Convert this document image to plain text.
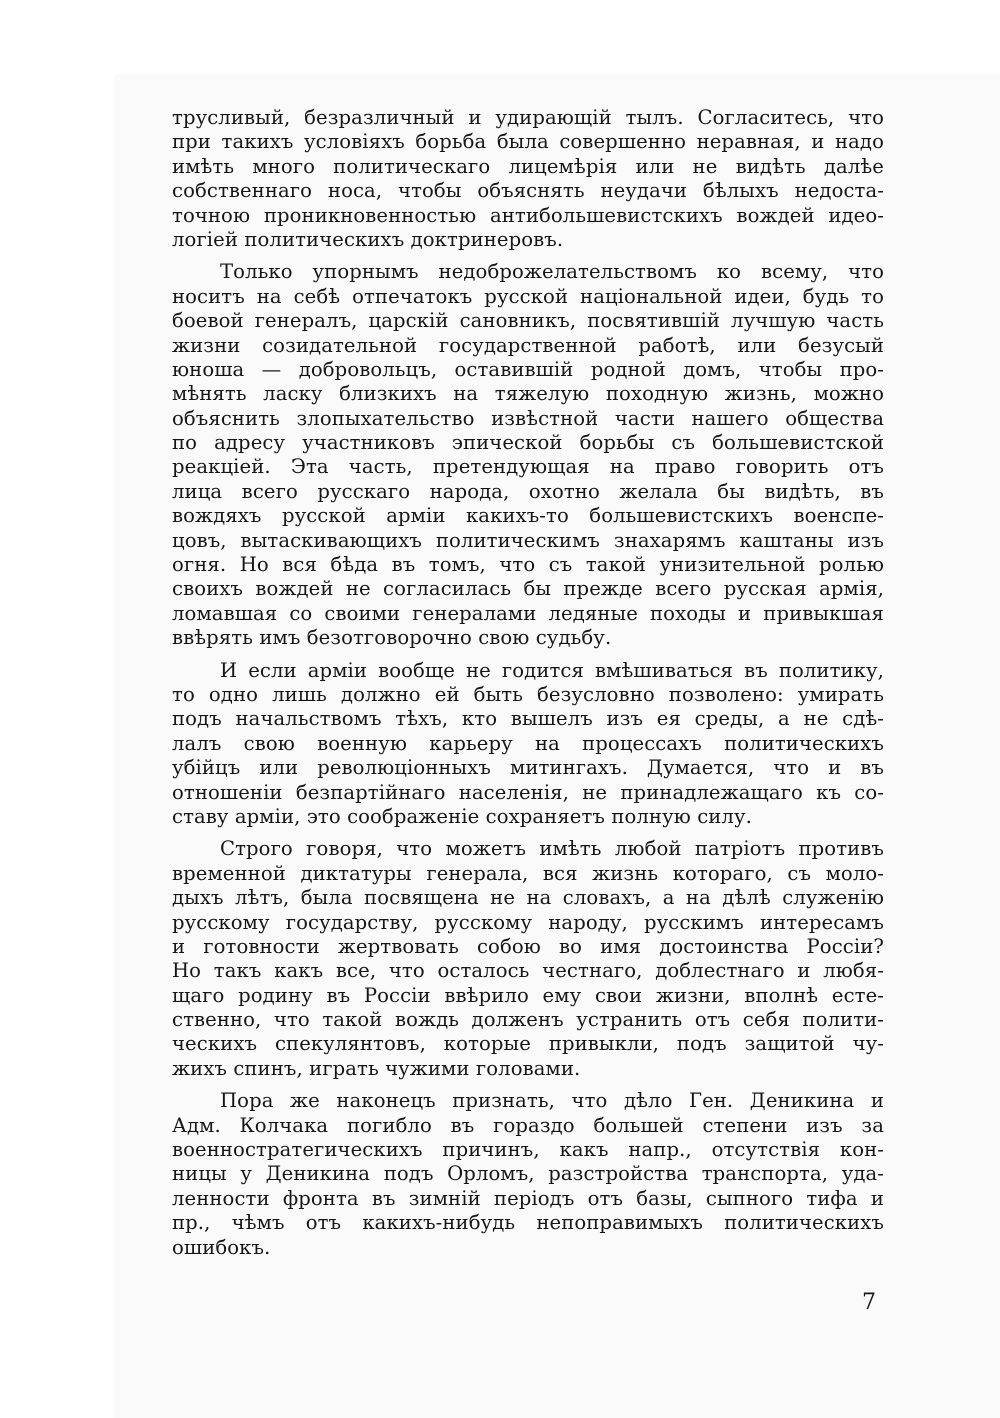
трусливый, безразличный и удирающій тылъ. Согласитесь, что
при такихъ условіяхъ борьба была совершенно неравная, и надо
имѣть много политическаго лицемѣрія или не видѣть далѣе
собственнаго носа, чтобы объяснять неудачи бѣлыхъ недоста-
точною проникновенностью антибольшевистскихъ вождей идео-
логіей политическихъ доктринеровъ.
Только упорнымъ недоброжелательствомъ ко всему, что
носитъ на себѣ отпечатокъ русской національной идеи, будь то
боевой генералъ, царскій сановникъ, посвятившій лучшую часть
жизни созидательной государственной работѣ, или безусый
юноша — добровольцъ, оставившій родной домъ, чтобы про-
мѣнять ласку близкихъ на тяжелую походную жизнь, можно
объяснить злопыхательство извѣстной части нашего общества
по адресу участниковъ эпической борьбы съ большевистской
реакціей. Эта часть, претендующая на право говорить отъ
лица всего русскаго народа, охотно желала бы видѣть, въ
вождяхъ русской арміи какихъ-то большевистскихъ военспе-
цовъ, вытаскивающихъ политическимъ знахарямъ каштаны изъ
огня. Но вся бѣда въ томъ, что съ такой унизительной ролью
своихъ вождей не согласилась бы прежде всего русская армія,
ломавшая со своими генералами ледяные походы и привыкшая
ввѣрять имъ безотговорочно свою судьбу.
И если арміи вообще не годится вмѣшиваться въ политику,
то одно лишь должно ей быть безусловно позволено: умирать
подъ начальствомъ тѣхъ, кто вышелъ изъ ея среды, а не сдѣ-
лалъ свою военную карьеру на процессахъ политическихъ
убійцъ или революціонныхъ митингахъ. Думается, что и въ
отношеніи безпартійнаго населенія, не принадлежащаго къ со-
ставу арміи, это соображеніе сохраняетъ полную силу.
Строго говоря, что можетъ имѣть любой патріотъ противъ
временной диктатуры генерала, вся жизнь котораго, съ моло-
дыхъ лѣтъ, была посвящена не на словахъ, а на дѣлѣ служенію
русскому государству, русскому народу, русскимъ интересамъ
и готовности жертвовать собою во имя достоинства Россіи?
Но такъ какъ все, что осталось честнаго, доблестнаго и любя-
щаго родину въ Россіи ввѣрило ему свои жизни, вполнѣ есте-
ственно, что такой вождь долженъ устранить отъ себя полити-
ческихъ спекулянтовъ, которые привыкли, подъ защитой чу-
жихъ спинъ, играть чужими головами.
Пора же наконецъ признать, что дѣло Ген. Деникина и
Адм. Колчака погибло въ гораздо большей степени изъ за
военностратегическихъ причинъ, какъ напр., отсутствія кон-
ницы у Деникина подъ Орломъ, разстройства транспорта, уда-
ленности фронта въ зимній періодъ отъ базы, сыпного тифа и
пр., чѣмъ отъ какихъ-нибудь непоправимыхъ политическихъ
ошибокъ.
7
